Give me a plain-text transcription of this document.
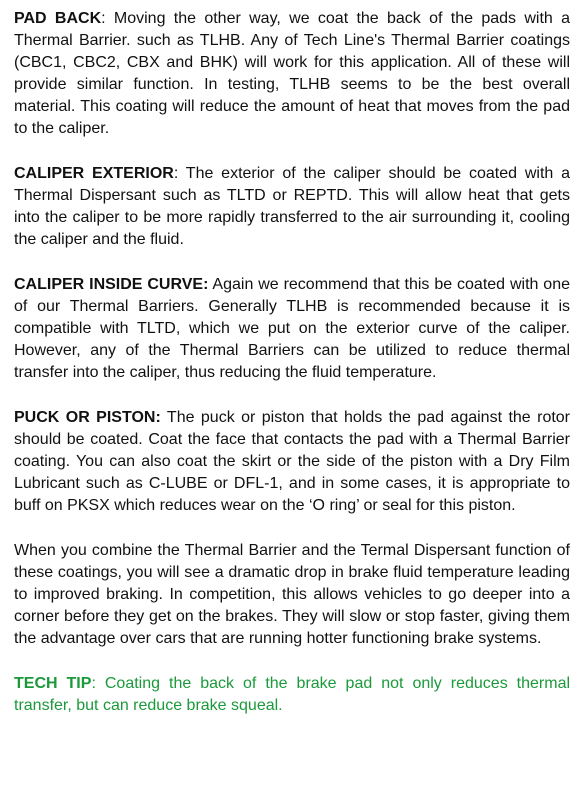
PAD BACK: Moving the other way, we coat the back of the pads with a Thermal Barrier. such as TLHB. Any of Tech Line's Thermal Barrier coatings (CBC1, CBC2, CBX and BHK) will work for this application. All of these will provide similar function. In testing, TLHB seems to be the best overall material. This coating will reduce the amount of heat that moves from the pad to the caliper.

CALIPER EXTERIOR: The exterior of the caliper should be coated with a Thermal Dispersant such as TLTD or REPTD. This will allow heat that gets into the caliper to be more rapidly transferred to the air surrounding it, cooling the caliper and the fluid.

CALIPER INSIDE CURVE: Again we recommend that this be coated with one of our Thermal Barriers. Generally TLHB is recommended because it is compatible with TLTD, which we put on the exterior curve of the caliper. However, any of the Thermal Barriers can be utilized to reduce thermal transfer into the caliper, thus reducing the fluid temperature.

PUCK OR PISTON: The puck or piston that holds the pad against the rotor should be coated. Coat the face that contacts the pad with a Thermal Barrier coating. You can also coat the skirt or the side of the piston with a Dry Film Lubricant such as C-LUBE or DFL-1, and in some cases, it is appropriate to buff on PKSX which reduces wear on the ‘O ring’ or seal for this piston.

When you combine the Thermal Barrier and the Termal Dispersant function of these coatings, you will see a dramatic drop in brake fluid temperature leading to improved braking. In competition, this allows vehicles to go deeper into a corner before they get on the brakes. They will slow or stop faster, giving them the advantage over cars that are running hotter functioning brake systems.

TECH TIP: Coating the back of the brake pad not only reduces thermal transfer, but can reduce brake squeal.
